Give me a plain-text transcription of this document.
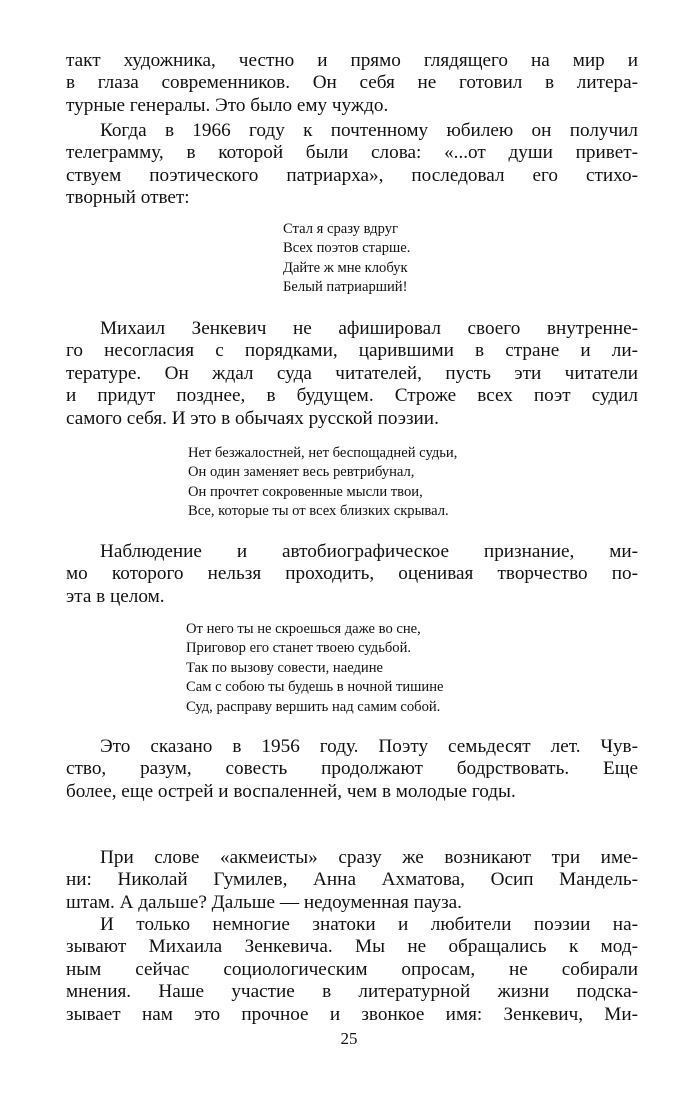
такт художника, честно и прямо глядящего на мир и
в глаза современников. Он себя не готовил в литера-
турные генералы. Это было ему чуждо.

Когда в 1966 году к почтенному юбилею он получил
телеграмму, в которой были слова: «...от души привет-
ствуем поэтического патриарха», последовал его стихо-
творный ответ:

Стал я сразу вдруг
Всех поэтов старше.
Дайте ж мне клобук
Белый патриарший!

Михаил Зенкевич не афишировал своего внутренне-
го несогласия с порядками, царившими в стране и ли-
тературе. Он ждал суда читателей, пусть эти читатели
и придут позднее, в будущем. Строже всех поэт судил
самого себя. И это в обычаях русской поэзии.

Нет безжалостней, нет беспощадней судьи,
Он один заменяет весь ревтрибунал,
Он прочтет сокровенные мысли твои,
Все, которые ты от всех близких скрывал.

Наблюдение и автобиографическое признание, ми-
мо которого нельзя проходить, оценивая творчество по-
эта в целом.

От него ты не скроешься даже во сне,
Приговор его станет твоею судьбой.
Так по вызову совести, наедине
Сам с собою ты будешь в ночной тишине
Суд, расправу вершить над самим собой.

Это сказано в 1956 году. Поэту семьдесят лет. Чув-
ство, разум, совесть продолжают бодрствовать. Еще
более, еще острей и воспаленней, чем в молодые годы.

При слове «акмеисты» сразу же возникают три име-
ни: Николай Гумилев, Анна Ахматова, Осип Мандель-
штам. А дальше? Дальше — недоуменная пауза.

И только немногие знатоки и любители поэзии на-
зывают Михаила Зенкевича. Мы не обращались к мод-
ным сейчас социологическим опросам, не собирали
мнения. Наше участие в литературной жизни подска-
зывает нам это прочное и звонкое имя: Зенкевич, Ми-

25
